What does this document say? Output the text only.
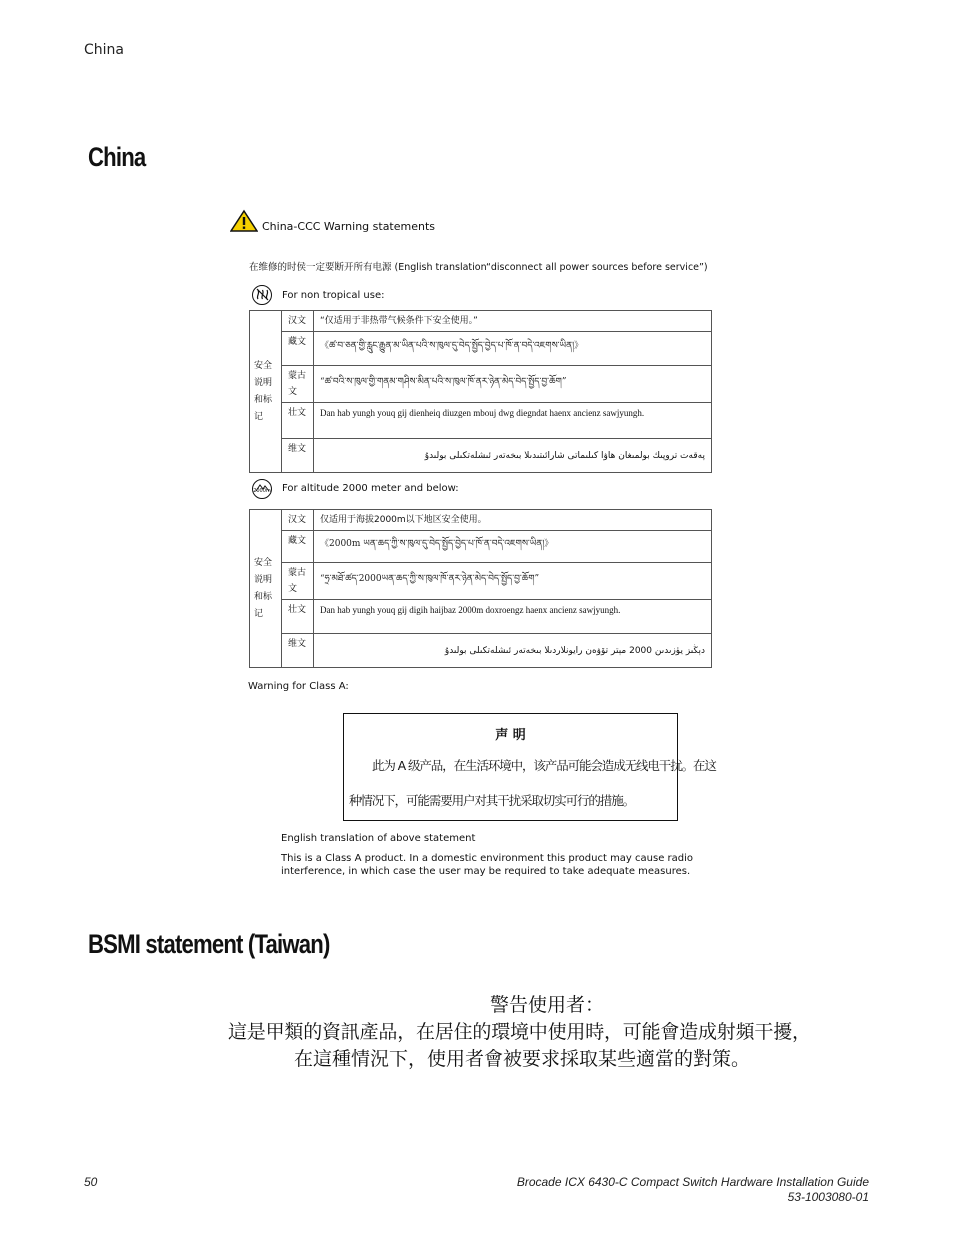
China
China
China-CCC Warning statements
在维修的时侯一定要断开所有电源 (English translation“disconnect all power sources before service”)
For non tropical use:
安全
说明
和标
记	汉文	“仅适用于非热带气候条件下安全使用。”
	藏文	《ཚ་བ་ཅན་གྱི་རླུང་རྒྱུན་མ་ཡིན་པའི་ས་ཁུལ་དུ་བེད་སྤྱོད་བྱེད་པ་ཁོ་ན་བདེ་འཇགས་ཡིན།》
	蒙古文	“ཚ་བའི་ས་ཁུལ་གྱི་གནམ་གཤིས་མིན་པའི་ས་ཁུལ་ཁོ་ནར་ཉེན་མེད་བེད་སྤྱོད་བྱ་ཆོག”
	壮文	Dan hab yungh youq gij dienheiq diuzgen mbouj dwg diegndat haenx ancienz sawjyungh.
	维文	پەقەت تروپىك بولمىغان ھاۋا كىلىماتى شارائىتىدىلا بىخەتەر ئىشلەتكىلى بولىدۇ
2000m For altitude 2000 meter and below:
安全
说明
和标
记	汉文	仅适用于海拔2000m以下地区安全使用。
	藏文	《2000m ཡན་ཆད་ཀྱི་ས་ཁུལ་དུ་བེད་སྤྱོད་བྱེད་པ་ཁོ་ན་བདེ་འཇགས་ཡིན།》
	蒙古文	“ཧྲ་མཐོ་ཚད་2000ཡན་ཆད་ཀྱི་ས་ཁུལ་ཁོ་ནར་ཉེན་མེད་བེད་སྤྱོད་བྱ་ཆོག”
	壮文	Dan hab yungh youq gij digih haijbaz 2000m doxroengz haenx ancienz sawjyungh.
	维文	دېڭىز يۈزىدىن 2000 مېتر تۆۋەن رايونلاردىلا بىخەتەر ئىشلەتكىلى بولىدۇ
Warning for Class A:
声 明
此为 A 级产品，在生活环境中，该产品可能会造成无线电干扰。在这
种情况下，可能需要用户对其干扰采取切实可行的措施。
English translation of above statement
This is a Class A product. In a domestic environment this product may cause radio interference, in which case the user may be required to take adequate measures.
BSMI statement (Taiwan)
警告使用者：
這是甲類的資訊產品，在居住的環境中使用時，可能會造成射頻干擾，
在這種情況下，使用者會被要求採取某些適當的對策。
50	Brocade ICX 6430-C Compact Switch Hardware Installation Guide
53-1003080-01
